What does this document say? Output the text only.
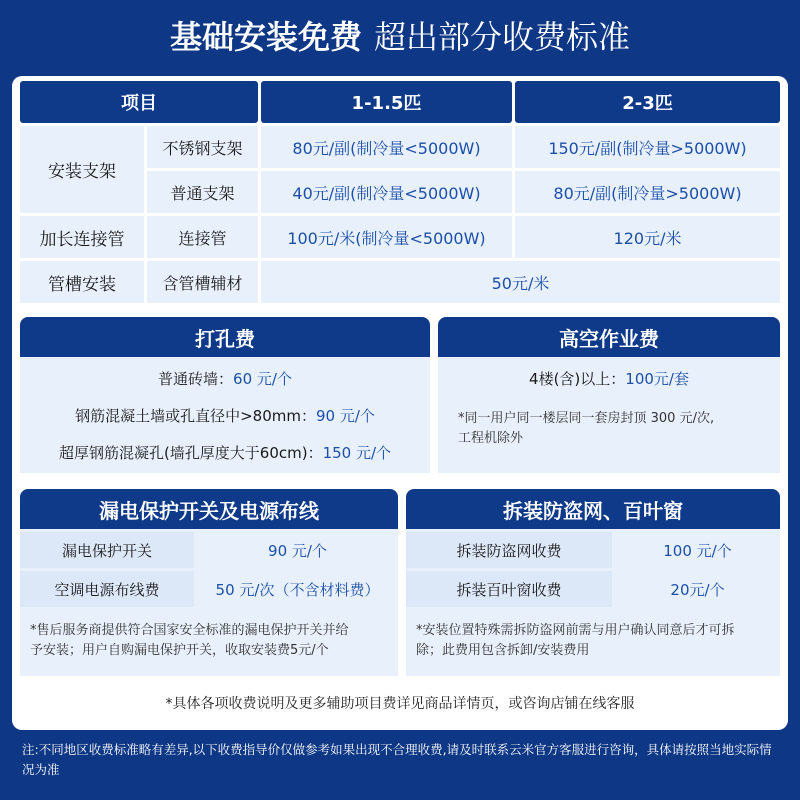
基础安装免费 超出部分收费标准
项目	1-1.5匹	2-3匹
安装支架
不锈钢支架	80元/副(制冷量<5000W)	150元/副(制冷量>5000W)
普通支架	40元/副(制冷量<5000W)	80元/副(制冷量>5000W)
加长连接管	连接管	100元/米(制冷量<5000W)	120元/米
管槽安装	含管槽辅材	50元/米
打孔费
普通砖墙：60 元/个
钢筋混凝土墙或孔直径中>80mm：90 元/个
超厚钢筋混凝孔(墙孔厚度大于60cm)：150 元/个
高空作业费
4楼(含)以上：100元/套
*同一用户同一楼层同一套房封顶 300 元/次,
工程机除外
漏电保护开关及电源布线
漏电保护开关	90 元/个
空调电源布线费	50 元/次（不含材料费）
*售后服务商提供符合国家安全标准的漏电保护开关并给
予安装；用户自购漏电保护开关，收取安装费5元/个
拆装防盗网、百叶窗
拆装防盗网收费	100 元/个
拆装百叶窗收费	20元/个
*安装位置特殊需拆防盗网前需与用户确认同意后才可拆
除；此费用包含拆卸/安装费用
*具体各项收费说明及更多辅助项目费详见商品详情页，或咨询店铺在线客服
注:不同地区收费标准略有差异,以下收费指导价仅做参考如果出现不合理收费,请及时联系云米官方客服进行咨询，具体请按照当地实际情况为准
